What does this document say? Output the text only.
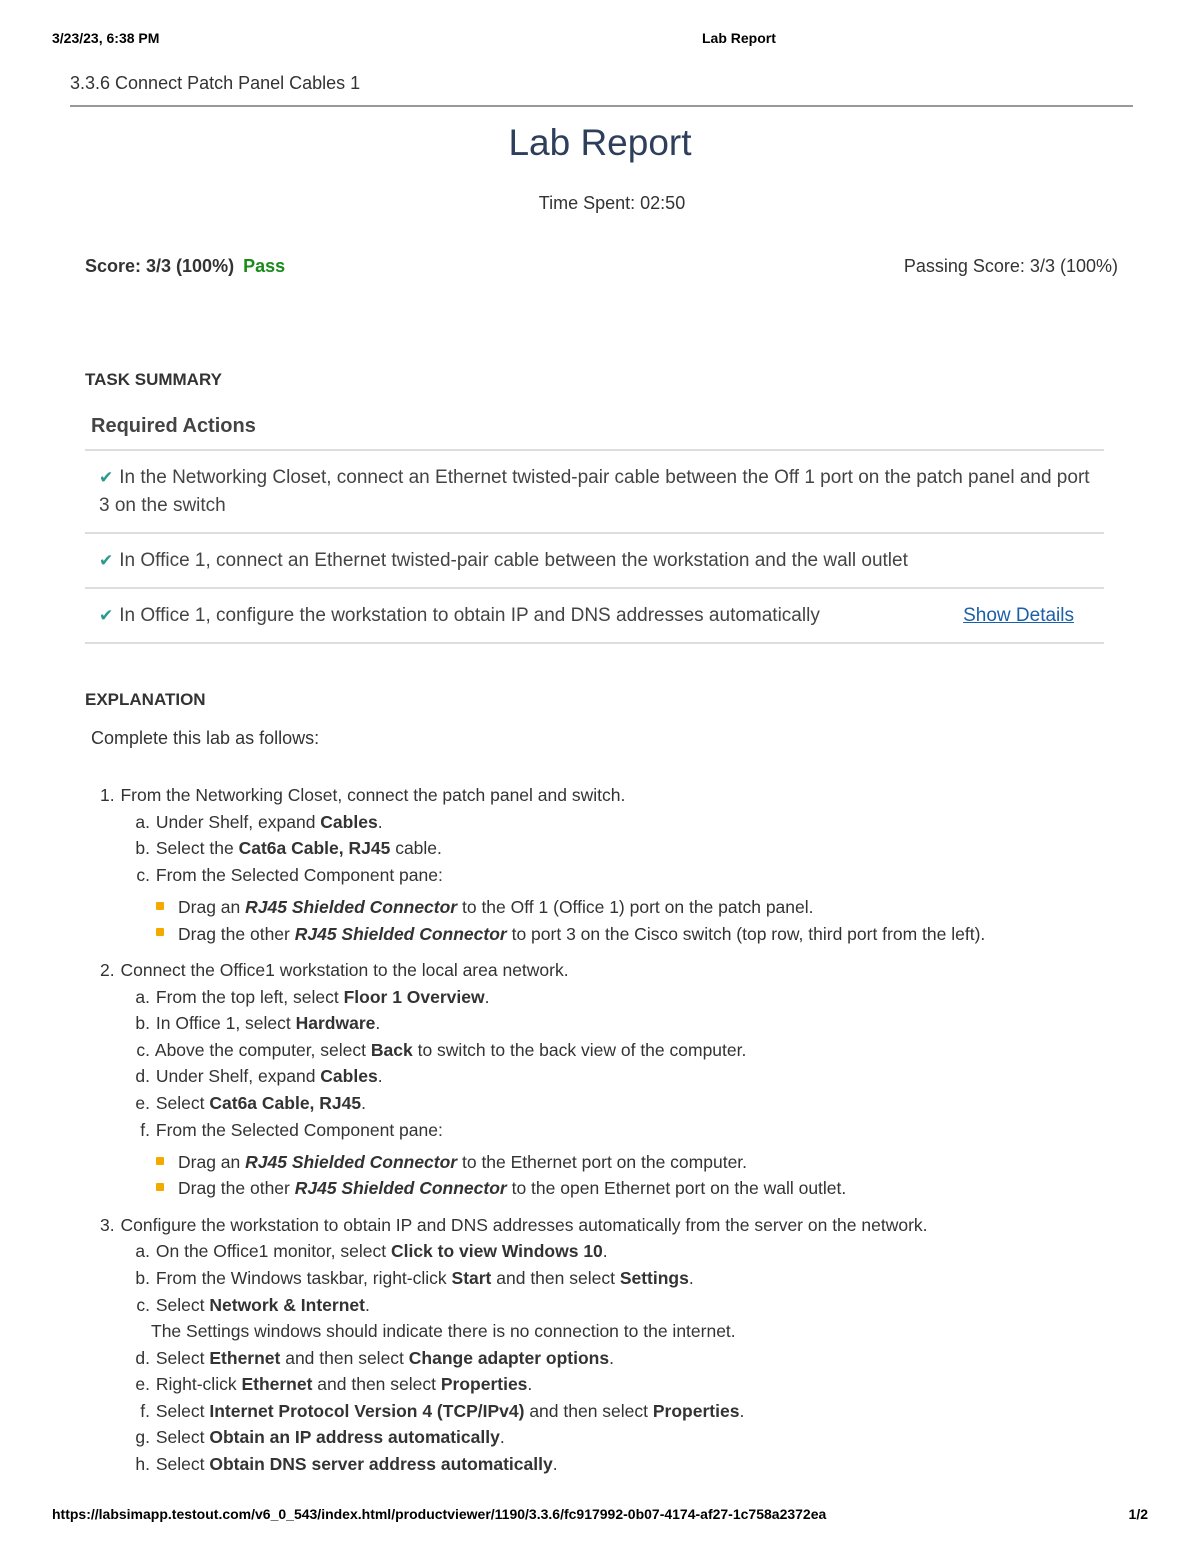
3/23/23, 6:38 PM	Lab Report
3.3.6 Connect Patch Panel Cables 1
Lab Report
Time Spent: 02:50
Score: 3/3 (100%) Pass	Passing Score: 3/3 (100%)
TASK SUMMARY
Required Actions
✔ In the Networking Closet, connect an Ethernet twisted-pair cable between the Off 1 port on the patch panel and port 3 on the switch
✔ In Office 1, connect an Ethernet twisted-pair cable between the workstation and the wall outlet
✔ In Office 1, configure the workstation to obtain IP and DNS addresses automatically	Show Details
EXPLANATION
Complete this lab as follows:
1. From the Networking Closet, connect the patch panel and switch.
a. Under Shelf, expand Cables.
b. Select the Cat6a Cable, RJ45 cable.
c. From the Selected Component pane:
Drag an RJ45 Shielded Connector to the Off 1 (Office 1) port on the patch panel.
Drag the other RJ45 Shielded Connector to port 3 on the Cisco switch (top row, third port from the left).
2. Connect the Office1 workstation to the local area network.
a. From the top left, select Floor 1 Overview.
b. In Office 1, select Hardware.
c. Above the computer, select Back to switch to the back view of the computer.
d. Under Shelf, expand Cables.
e. Select Cat6a Cable, RJ45.
f. From the Selected Component pane:
Drag an RJ45 Shielded Connector to the Ethernet port on the computer.
Drag the other RJ45 Shielded Connector to the open Ethernet port on the wall outlet.
3. Configure the workstation to obtain IP and DNS addresses automatically from the server on the network.
a. On the Office1 monitor, select Click to view Windows 10.
b. From the Windows taskbar, right-click Start and then select Settings.
c. Select Network & Internet.
The Settings windows should indicate there is no connection to the internet.
d. Select Ethernet and then select Change adapter options.
e. Right-click Ethernet and then select Properties.
f. Select Internet Protocol Version 4 (TCP/IPv4) and then select Properties.
g. Select Obtain an IP address automatically.
h. Select Obtain DNS server address automatically.
https://labsimapp.testout.com/v6_0_543/index.html/productviewer/1190/3.3.6/fc917992-0b07-4174-af27-1c758a2372ea	1/2
